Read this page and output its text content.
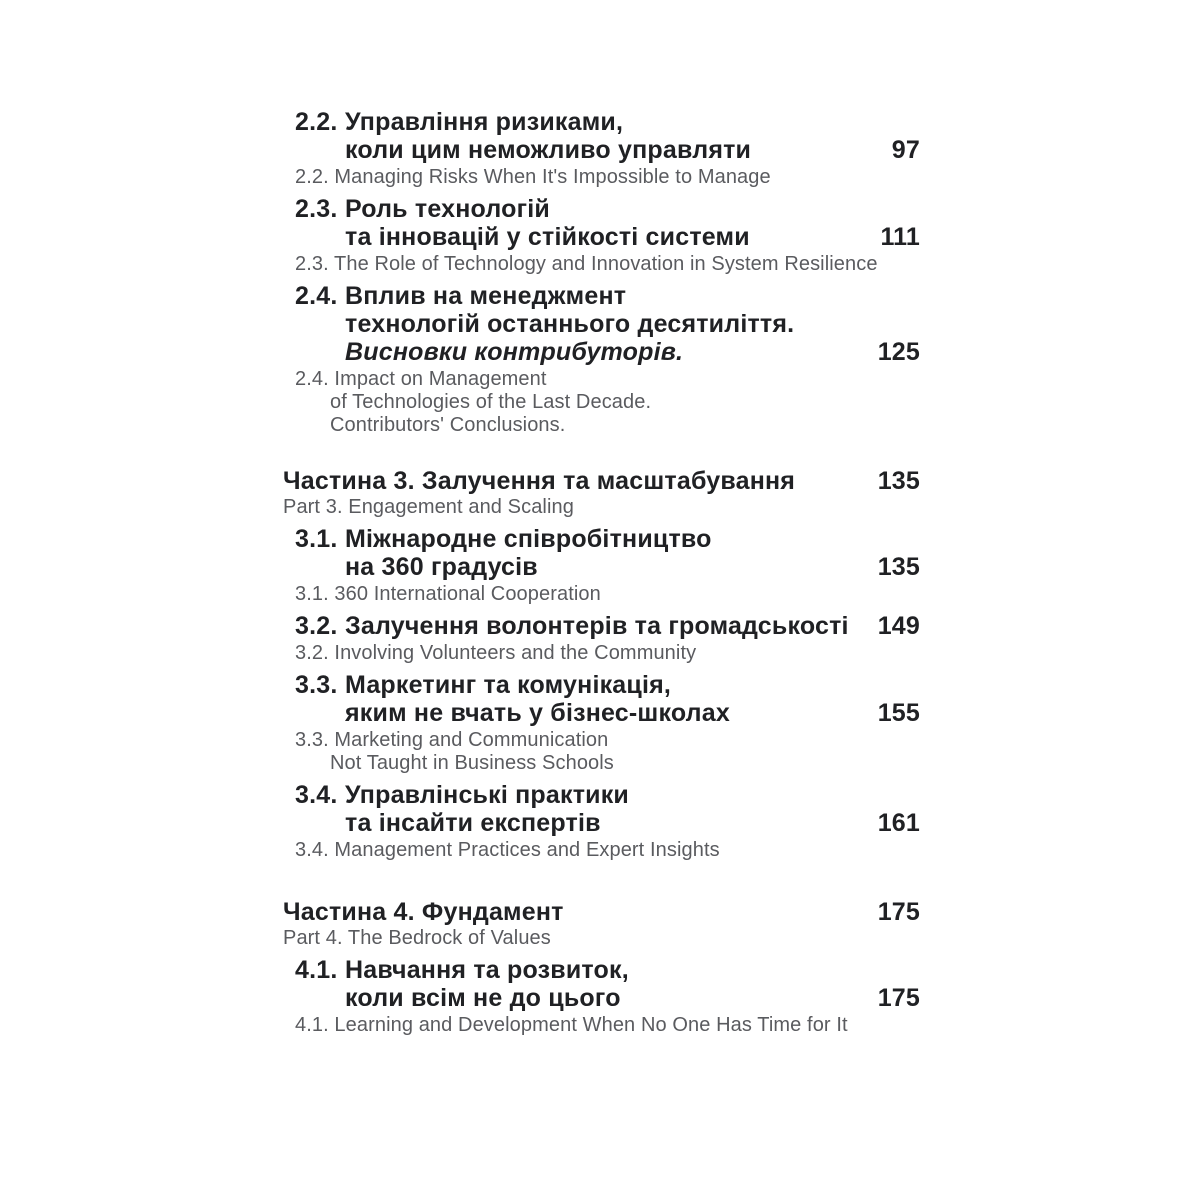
2.2. Управління ризиками,
коли цим неможливо управляти	97
2.2. Managing Risks When It's Impossible to Manage
2.3. Роль технологій
та інновацій у стійкості системи	111
2.3. The Role of Technology and Innovation in System Resilience
2.4. Вплив на менеджмент
технологій останнього десятиліття.
Висновки контрибуторів.	125
2.4. Impact on Management
of Technologies of the Last Decade.
Contributors' Conclusions.
Частина 3. Залучення та масштабування	135
Part 3. Engagement and Scaling
3.1. Міжнародне співробітництво
на 360 градусів	135
3.1. 360 International Cooperation
3.2. Залучення волонтерів та громадськості	149
3.2. Involving Volunteers and the Community
3.3. Маркетинг та комунікація,
яким не вчать у бізнес-школах	155
3.3. Marketing and Communication
Not Taught in Business Schools
3.4. Управлінські практики
та інсайти експертів	161
3.4. Management Practices and Expert Insights
Частина 4. Фундамент	175
Part 4. The Bedrock of Values
4.1. Навчання та розвиток,
коли всім не до цього	175
4.1. Learning and Development When No One Has Time for It
